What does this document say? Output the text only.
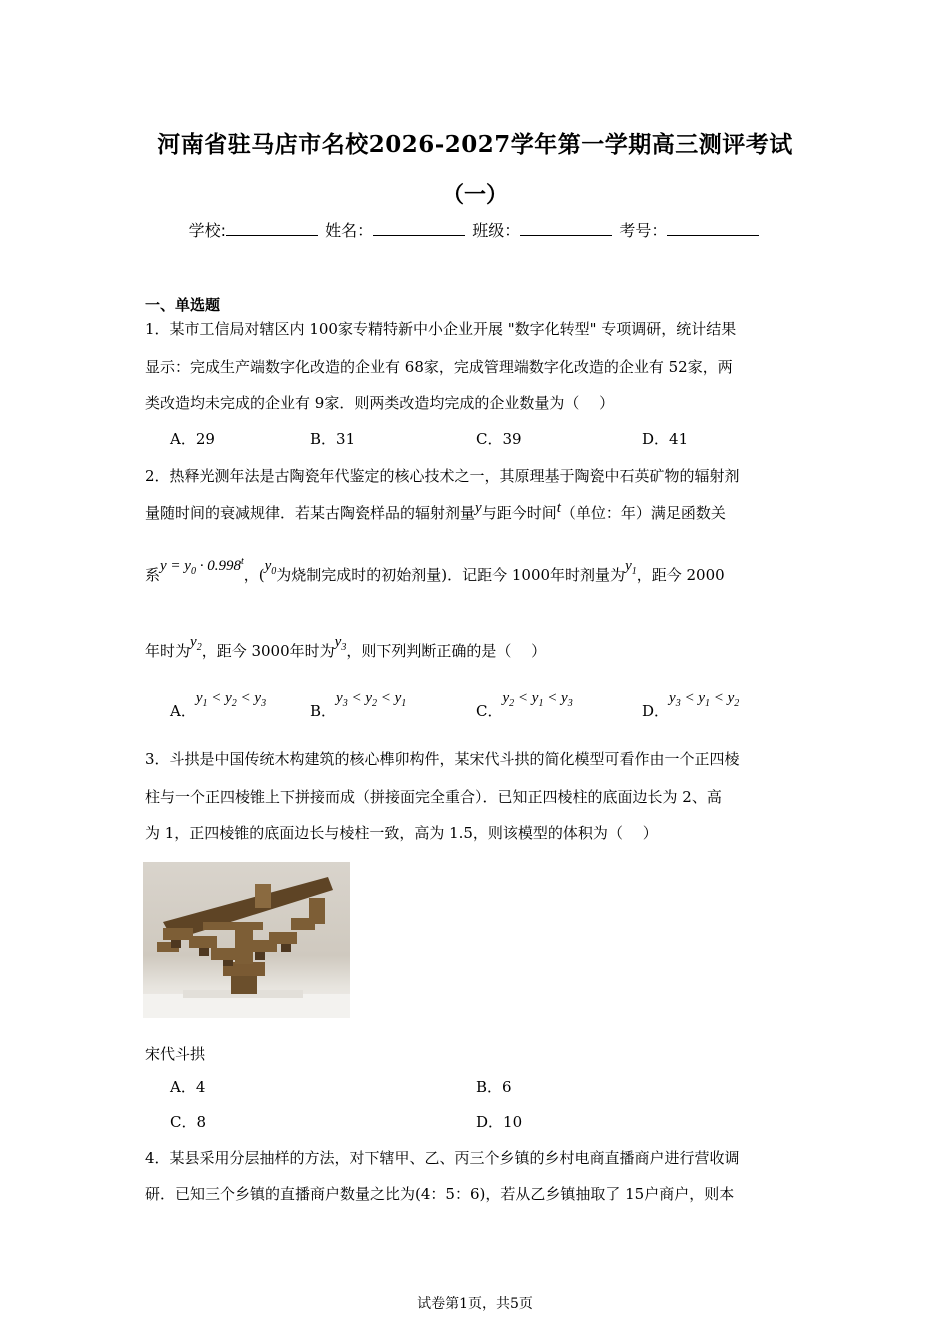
河南省驻马店市名校2026-2027学年第一学期高三测评考试
（一）
学校:	姓名：	班级：	考号：
一、单选题
1．某市工信局对辖区内 100家专精特新中小企业开展 "数字化转型" 专项调研，统计结果
显示：完成生产端数字化改造的企业有 68家，完成管理端数字化改造的企业有 52家，两
类改造均未完成的企业有 9家．则两类改造均完成的企业数量为（　 ）
A．29	B．31	C．39	D．41
2．热释光测年法是古陶瓷年代鉴定的核心技术之一，其原理基于陶瓷中石英矿物的辐射剂
量随时间的衰减规律．若某古陶瓷样品的辐射剂量y与距今时间t（单位：年）满足函数关
系$y = y_0 \cdot 0.998^t$，($y_0$为烧制完成时的初始剂量)．记距今 1000年时剂量为$y_1$，距今 2000
年时为$y_2$，距今 3000年时为$y_3$，则下列判断正确的是（　 ）
A．$y_1 < y_2 < y_3$	B．$y_3 < y_2 < y_1$	C．$y_2 < y_1 < y_3$	D．$y_3 < y_1 < y_2$
3．斗拱是中国传统木构建筑的核心榫卯构件，某宋代斗拱的简化模型可看作由一个正四棱
柱与一个正四棱锥上下拼接而成（拼接面完全重合）．已知正四棱柱的底面边长为 2、高
为 1，正四棱锥的底面边长与棱柱一致，高为 1.5，则该模型的体积为（　 ）
宋代斗拱
A．4	B．6
C．8	D．10
4．某县采用分层抽样的方法，对下辖甲、乙、丙三个乡镇的乡村电商直播商户进行营收调
研．已知三个乡镇的直播商户数量之比为(4：5：6)，若从乙乡镇抽取了 15户商户，则本
试卷第1页，共5页
